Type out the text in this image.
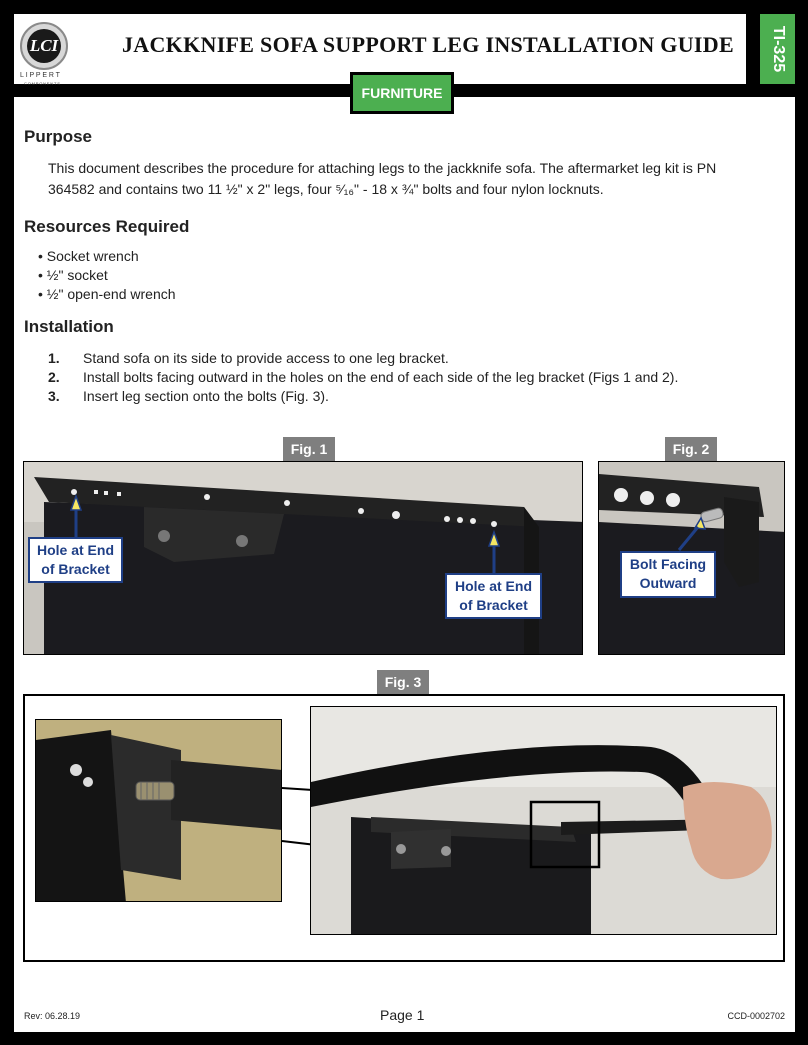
LCI
LIPPERT
COMPONENTS
JACKKNIFE SOFA SUPPORT LEG INSTALLATION GUIDE TI-325
Purpose
This document describes the procedure for attaching legs to the jackknife sofa. The aftermarket leg kit is PN
364582 and contains two 11 ½" x 2" legs, four ⁵⁄₁₆" - 18 x ¾" bolts and four nylon locknuts.
Resources Required
• Socket wrench
• ½" socket
• ½" open-end wrench
Installation
1.	Stand sofa on its side to provide access to one leg bracket.
2.	Install bolts facing outward in the holes on the end of each side of the leg bracket (Figs 1 and 2).
3.	Insert leg section onto the bolts (Fig. 3).
Fig. 1
Hole at End
of Bracket
Hole at End
of Bracket
Fig. 2
Bolt Facing
Outward
Fig. 3
Rev: 06.28.19	Page 1	CCD-0002702
FURNITURE
